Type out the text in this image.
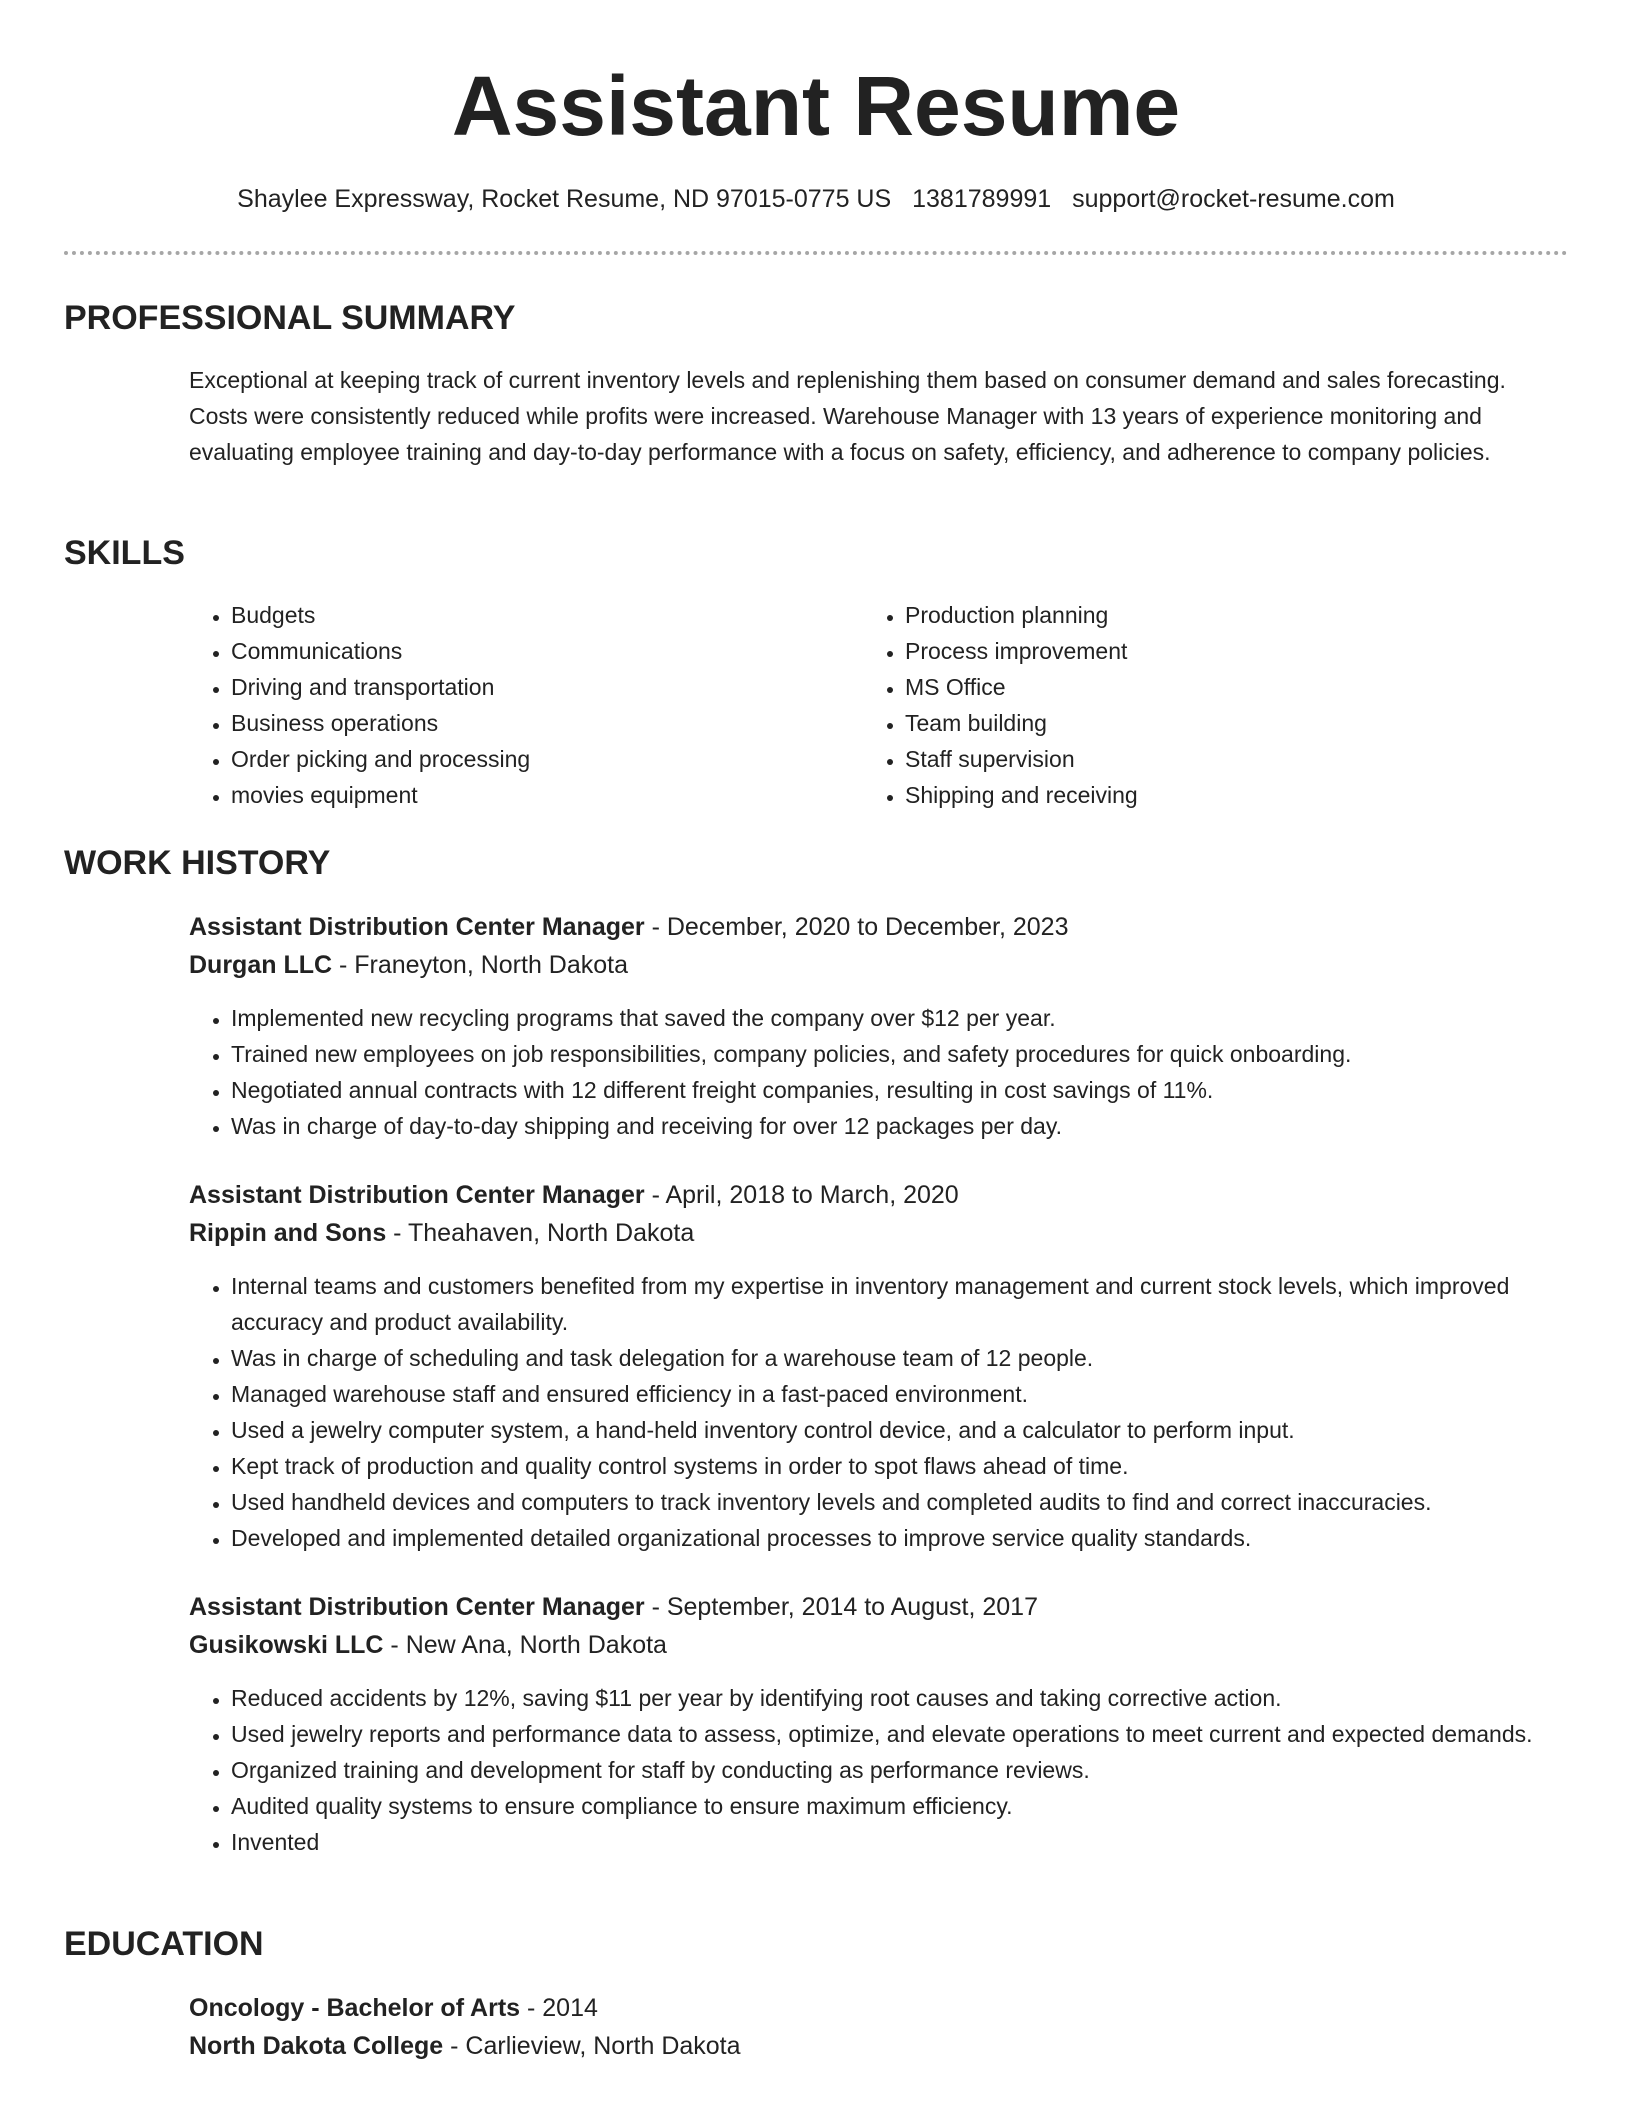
Assistant Resume
Shaylee Expressway, Rocket Resume, ND 97015-0775 US 1381789991 support@rocket-resume.com
PROFESSIONAL SUMMARY

Exceptional at keeping track of current inventory levels and replenishing them based on consumer demand and sales forecasting. Costs were consistently reduced while profits were increased. Warehouse Manager with 13 years of experience monitoring and evaluating employee training and day-to-day performance with a focus on safety, efficiency, and adherence to company policies.

SKILLS
• Budgets
• Communications
• Driving and transportation
• Business operations
• Order picking and processing
• movies equipment
• Production planning
• Process improvement
• MS Office
• Team building
• Staff supervision
• Shipping and receiving
WORK HISTORY
Assistant Distribution Center Manager - December, 2020 to December, 2023
Durgan LLC - Franeyton, North Dakota
• Implemented new recycling programs that saved the company over $12 per year.
• Trained new employees on job responsibilities, company policies, and safety procedures for quick onboarding.
• Negotiated annual contracts with 12 different freight companies, resulting in cost savings of 11%.
• Was in charge of day-to-day shipping and receiving for over 12 packages per day.
Assistant Distribution Center Manager - April, 2018 to March, 2020
Rippin and Sons - Theahaven, North Dakota
• Internal teams and customers benefited from my expertise in inventory management and current stock levels, which improved accuracy and product availability.
• Was in charge of scheduling and task delegation for a warehouse team of 12 people.
• Managed warehouse staff and ensured efficiency in a fast-paced environment.
• Used a jewelry computer system, a hand-held inventory control device, and a calculator to perform input.
• Kept track of production and quality control systems in order to spot flaws ahead of time.
• Used handheld devices and computers to track inventory levels and completed audits to find and correct inaccuracies.
• Developed and implemented detailed organizational processes to improve service quality standards.
Assistant Distribution Center Manager - September, 2014 to August, 2017
Gusikowski LLC - New Ana, North Dakota
• Reduced accidents by 12%, saving $11 per year by identifying root causes and taking corrective action.
• Used jewelry reports and performance data to assess, optimize, and elevate operations to meet current and expected demands.
• Organized training and development for staff by conducting as performance reviews.
• Audited quality systems to ensure compliance to ensure maximum efficiency.
• Invented
EDUCATION
Oncology - Bachelor of Arts - 2014
North Dakota College - Carlieview, North Dakota
